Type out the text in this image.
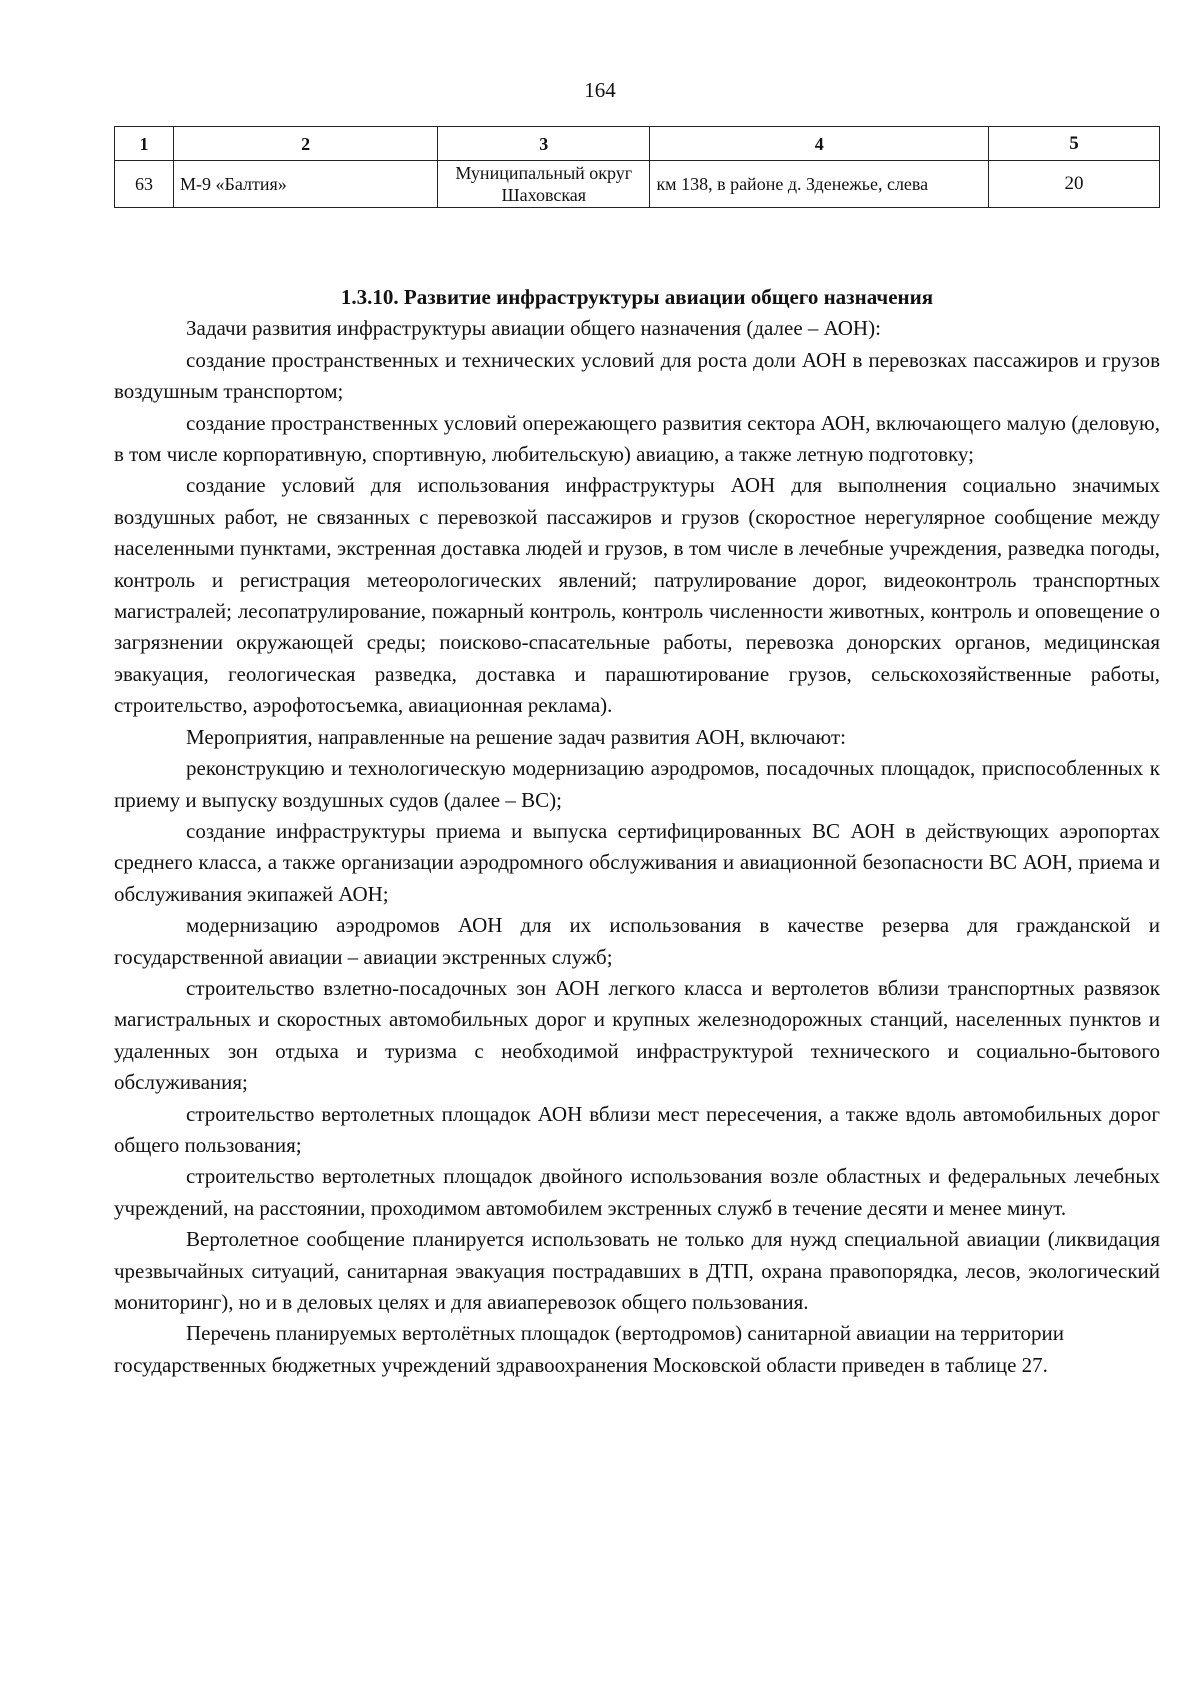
164
1	2	3	4	5
63	М-9 «Балтия»	Муниципальный округ Шаховская	км 138, в районе д. Зденежье, слева	20
1.3.10. Развитие инфраструктуры авиации общего назначения

Задачи развития инфраструктуры авиации общего назначения (далее – АОН):

создание пространственных и технических условий для роста доли АОН в перевозках пассажиров и грузов воздушным транспортом;

создание пространственных условий опережающего развития сектора АОН, включающего малую (деловую, в том числе корпоративную, спортивную, любительскую) авиацию, а также летную подготовку;

создание условий для использования инфраструктуры АОН для выполнения социально значимых воздушных работ, не связанных с перевозкой пассажиров и грузов (скоростное нерегулярное сообщение между населенными пунктами, экстренная доставка людей и грузов, в том числе в лечебные учреждения, разведка погоды, контроль и регистрация метеорологических явлений; патрулирование дорог, видеоконтроль транспортных магистралей; лесопатрулирование, пожарный контроль, контроль численности животных, контроль и оповещение о загрязнении окружающей среды; поисково-спасательные работы, перевозка донорских органов, медицинская эвакуация, геологическая разведка, доставка и парашютирование грузов, сельскохозяйственные работы, строительство, аэрофотосъемка, авиационная реклама).

Мероприятия, направленные на решение задач развития АОН, включают:

реконструкцию и технологическую модернизацию аэродромов, посадочных площадок, приспособленных к приему и выпуску воздушных судов (далее – ВС);

создание инфраструктуры приема и выпуска сертифицированных ВС АОН в действующих аэропортах среднего класса, а также организации аэродромного обслуживания и авиационной безопасности ВС АОН, приема и обслуживания экипажей АОН;

модернизацию аэродромов АОН для их использования в качестве резерва для гражданской и государственной авиации – авиации экстренных служб;

строительство взлетно-посадочных зон АОН легкого класса и вертолетов вблизи транспортных развязок магистральных и скоростных автомобильных дорог и крупных железнодорожных станций, населенных пунктов и удаленных зон отдыха и туризма с необходимой инфраструктурой технического и социально-бытового обслуживания;

строительство вертолетных площадок АОН вблизи мест пересечения, а также вдоль автомобильных дорог общего пользования;

строительство вертолетных площадок двойного использования возле областных и федеральных лечебных учреждений, на расстоянии, проходимом автомобилем экстренных служб в течение десяти и менее минут.

Вертолетное сообщение планируется использовать не только для нужд специальной авиации (ликвидация чрезвычайных ситуаций, санитарная эвакуация пострадавших в ДТП, охрана правопорядка, лесов, экологический мониторинг), но и в деловых целях и для авиаперевозок общего пользования.

Перечень планируемых вертолётных площадок (вертодромов) санитарной авиации на территории государственных бюджетных учреждений здравоохранения Московской области приведен в таблице 27.
